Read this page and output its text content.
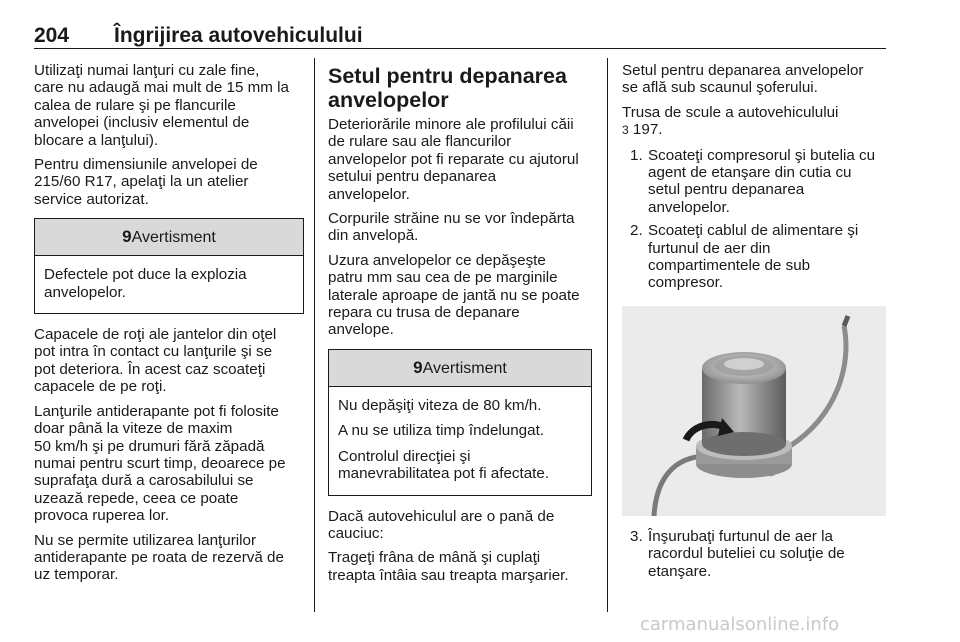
204 Îngrijirea autovehiculului

Utilizaţi numai lanţuri cu zale fine,
care nu adaugă mai mult de 15 mm la
calea de rulare şi pe flancurile
anvelopei (inclusiv elementul de
blocare a lanţului).

Pentru dimensiunile anvelopei de
215/60 R17, apelaţi la un atelier
service autorizat.

9Avertisment

Defectele pot duce la explozia
anvelopelor.

Capacele de roţi ale jantelor din oţel
pot intra în contact cu lanţurile şi se
pot deteriora. În acest caz scoateţi
capacele de pe roţi.

Lanţurile antiderapante pot fi folosite
doar până la viteze de maxim
50 km/h şi pe drumuri fără zăpadă
numai pentru scurt timp, deoarece pe
suprafaţa dură a carosabilului se
uzează repede, ceea ce poate
provoca ruperea lor.

Nu se permite utilizarea lanţurilor
antiderapante pe roata de rezervă de
uz temporar.

Setul pentru depanarea
anvelopelor

Deteriorările minore ale profilului căii
de rulare sau ale flancurilor
anvelopelor pot fi reparate cu ajutorul
setului pentru depanarea
anvelopelor.

Corpurile străine nu se vor îndepărta
din anvelopă.

Uzura anvelopelor ce depăşeşte
patru mm sau cea de pe marginile
laterale aproape de jantă nu se poate
repara cu trusa de depanare
anvelope.

9Avertisment

Nu depăşiţi viteza de 80 km/h.

A nu se utiliza timp îndelungat.

Controlul direcţiei şi
manevrabilitatea pot fi afectate.

Dacă autovehiculul are o pană de
cauciuc:

Trageţi frâna de mână şi cuplaţi
treapta întâia sau treapta marşarier.

Setul pentru depanarea anvelopelor
se află sub scaunul şoferului.

Trusa de scule a autovehiculului
3 197.

1. Scoateţi compresorul şi butelia cu
agent de etanşare din cutia cu
setul pentru depanarea
anvelopelor.
2. Scoateţi cablul de alimentare şi
furtunul de aer din
compartimentele de sub
compresor.
3. Înşurubaţi furtunul de aer la
racordul buteliei cu soluţie de
etanşare.
carmanualsonline.info
